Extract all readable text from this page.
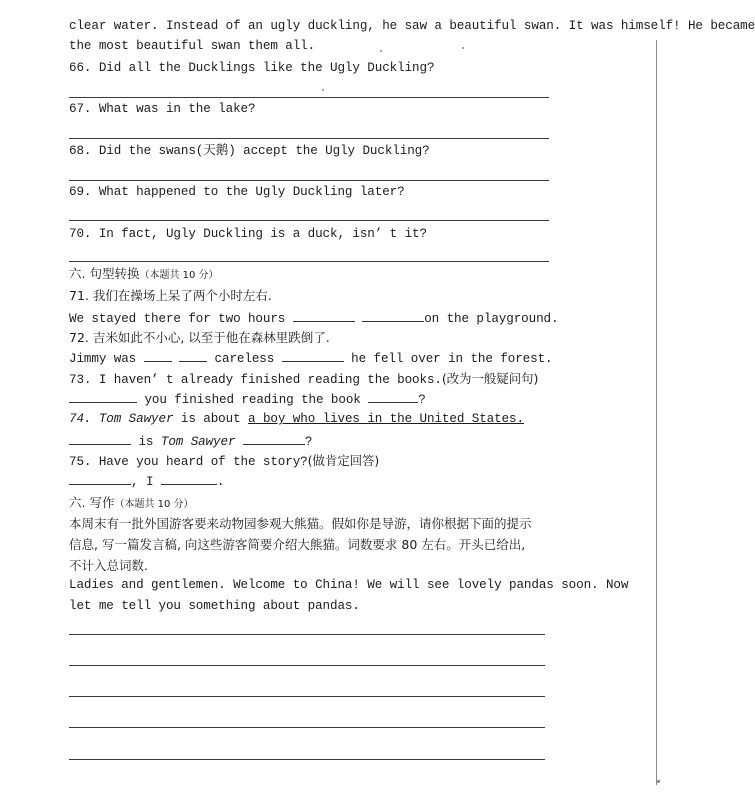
clear water. Instead of an ugly duckling, he saw a beautiful swan. It was himself! He became
the most beautiful swan them all.
66. Did all the Ducklings like the Ugly Duckling?
67. What was in the lake?
68. Did the swans(天鹅) accept the Ugly Duckling?
69. What happened to the Ugly Duckling later?
70. In fact, Ugly Duckling is a duck, isn’ t it?
六. 句型转换（本题共 10 分）
71. 我们在操场上呆了两个小时左右.
We stayed there for two hours	on the playground.
72. 吉米如此不小心, 以至于他在森林里跌倒了.
Jimmy was	careless	he fell over in the forest.
73. I haven’ t already finished reading the books.(改为一般疑问句)
you finished reading the book	?
74. Tom Sawyer is about a boy who lives in the United States.
is Tom Sawyer	?
75. Have you heard of the story?(做肯定回答)
, I	.
六. 写作（本题共 10 分）
本周末有一批外国游客要来动物园参观大熊猫。假如你是导游，请你根据下面的提示
信息, 写一篇发言稿, 向这些游客简要介绍大熊猫。词数要求 80 左右。开头已给出,
不计入总词数.
Ladies and gentlemen. Welcome to China! We will see lovely pandas soon. Now
let me tell you something about pandas.
